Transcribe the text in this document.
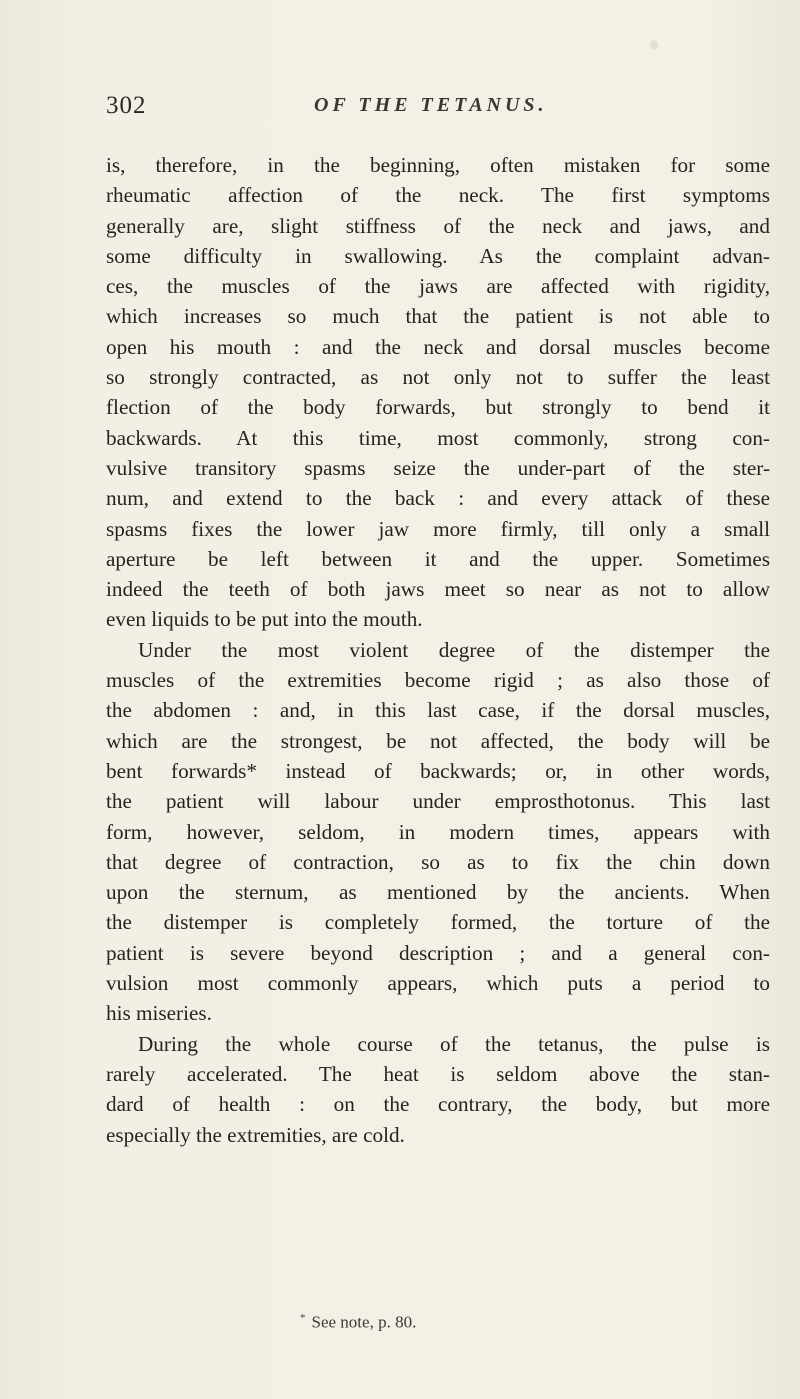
302	OF THE TETANUS.
is, therefore, in the beginning, often mistaken for some
rheumatic affection of the neck. The first symptoms
generally are, slight stiffness of the neck and jaws, and
some difficulty in swallowing. As the complaint advan-
ces, the muscles of the jaws are affected with rigidity,
which increases so much that the patient is not able to
open his mouth : and the neck and dorsal muscles become
so strongly contracted, as not only not to suffer the least
flection of the body forwards, but strongly to bend it
backwards. At this time, most commonly, strong con-
vulsive transitory spasms seize the under-part of the ster-
num, and extend to the back : and every attack of these
spasms fixes the lower jaw more firmly, till only a small
aperture be left between it and the upper. Sometimes
indeed the teeth of both jaws meet so near as not to allow
even liquids to be put into the mouth.
Under the most violent degree of the distemper the
muscles of the extremities become rigid ; as also those of
the abdomen : and, in this last case, if the dorsal muscles,
which are the strongest, be not affected, the body will be
bent forwards* instead of backwards; or, in other words,
the patient will labour under emprosthotonus. This last
form, however, seldom, in modern times, appears with
that degree of contraction, so as to fix the chin down
upon the sternum, as mentioned by the ancients. When
the distemper is completely formed, the torture of the
patient is severe beyond description ; and a general con-
vulsion most commonly appears, which puts a period to
his miseries.
During the whole course of the tetanus, the pulse is
rarely accelerated. The heat is seldom above the stan-
dard of health : on the contrary, the body, but more
especially the extremities, are cold.
* See note, p. 80.
